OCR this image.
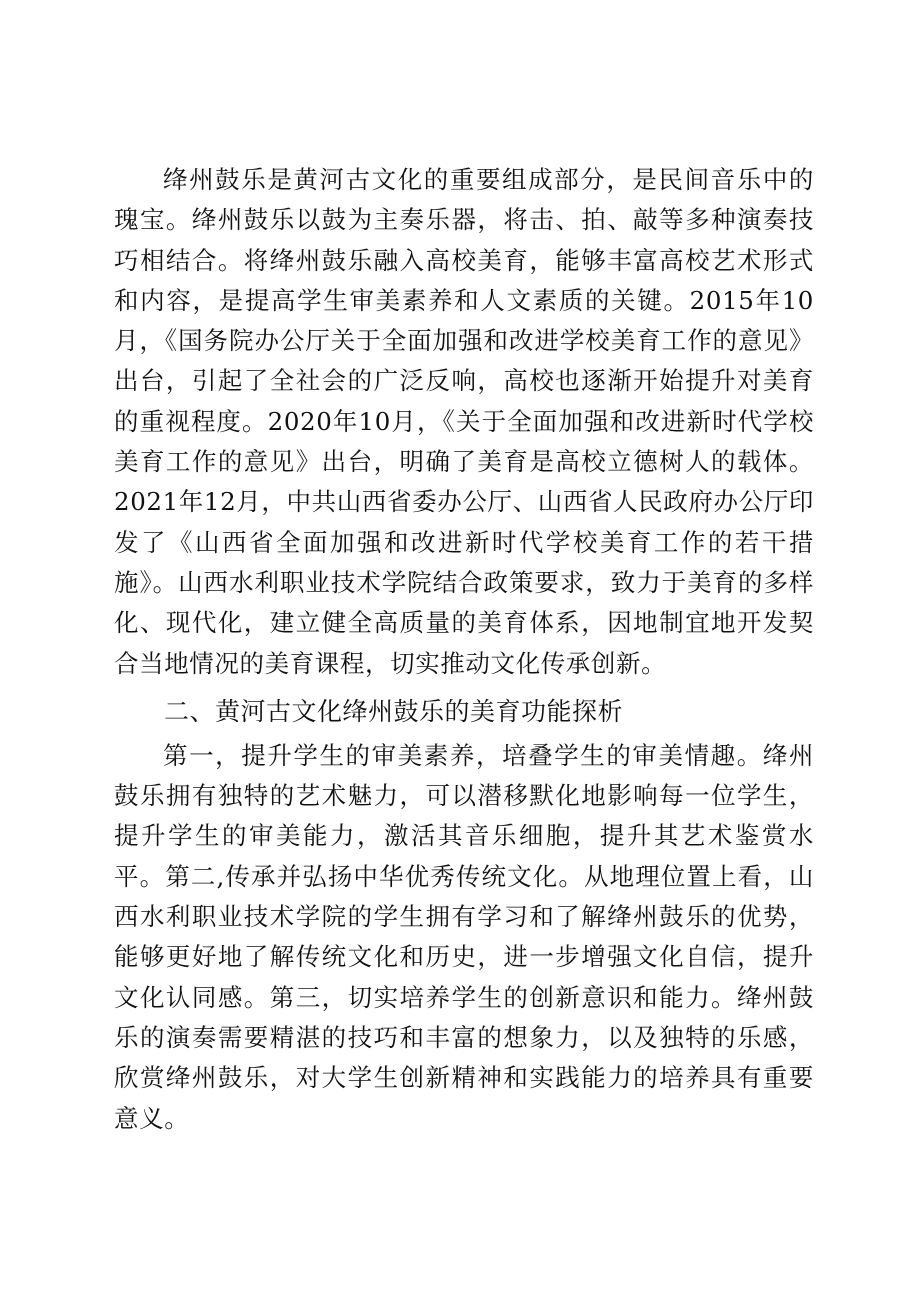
绛州鼓乐是黄河古文化的重要组成部分，是民间音乐中的瑰宝。绛州鼓乐以鼓为主奏乐器，将击、拍、敲等多种演奏技巧相结合。将绛州鼓乐融入高校美育，能够丰富高校艺术形式和内容，是提高学生审美素养和人文素质的关键。2015年10月，《国务院办公厅关于全面加强和改进学校美育工作的意见》出台，引起了全社会的广泛反响，高校也逐渐开始提升对美育的重视程度。2020年10月，《关于全面加强和改进新时代学校美育工作的意见》出台，明确了美育是高校立德树人的载体。2021年12月，中共山西省委办公厅、山西省人民政府办公厅印发了《山西省全面加强和改进新时代学校美育工作的若干措施》。山西水利职业技术学院结合政策要求，致力于美育的多样化、现代化，建立健全高质量的美育体系，因地制宜地开发契合当地情况的美育课程，切实推动文化传承创新。

二、黄河古文化绛州鼓乐的美育功能探析

第一，提升学生的审美素养，培叠学生的审美情趣。绛州鼓乐拥有独特的艺术魅力，可以潜移默化地影响每一位学生，提升学生的审美能力，激活其音乐细胞，提升其艺术鉴赏水平。第二,传承并弘扬中华优秀传统文化。从地理位置上看，山西水利职业技术学院的学生拥有学习和了解绛州鼓乐的优势，能够更好地了解传统文化和历史，进一步增强文化自信，提升文化认同感。第三，切实培养学生的创新意识和能力。绛州鼓乐的演奏需要精湛的技巧和丰富的想象力，以及独特的乐感，欣赏绛州鼓乐，对大学生创新精神和实践能力的培养具有重要意义。
